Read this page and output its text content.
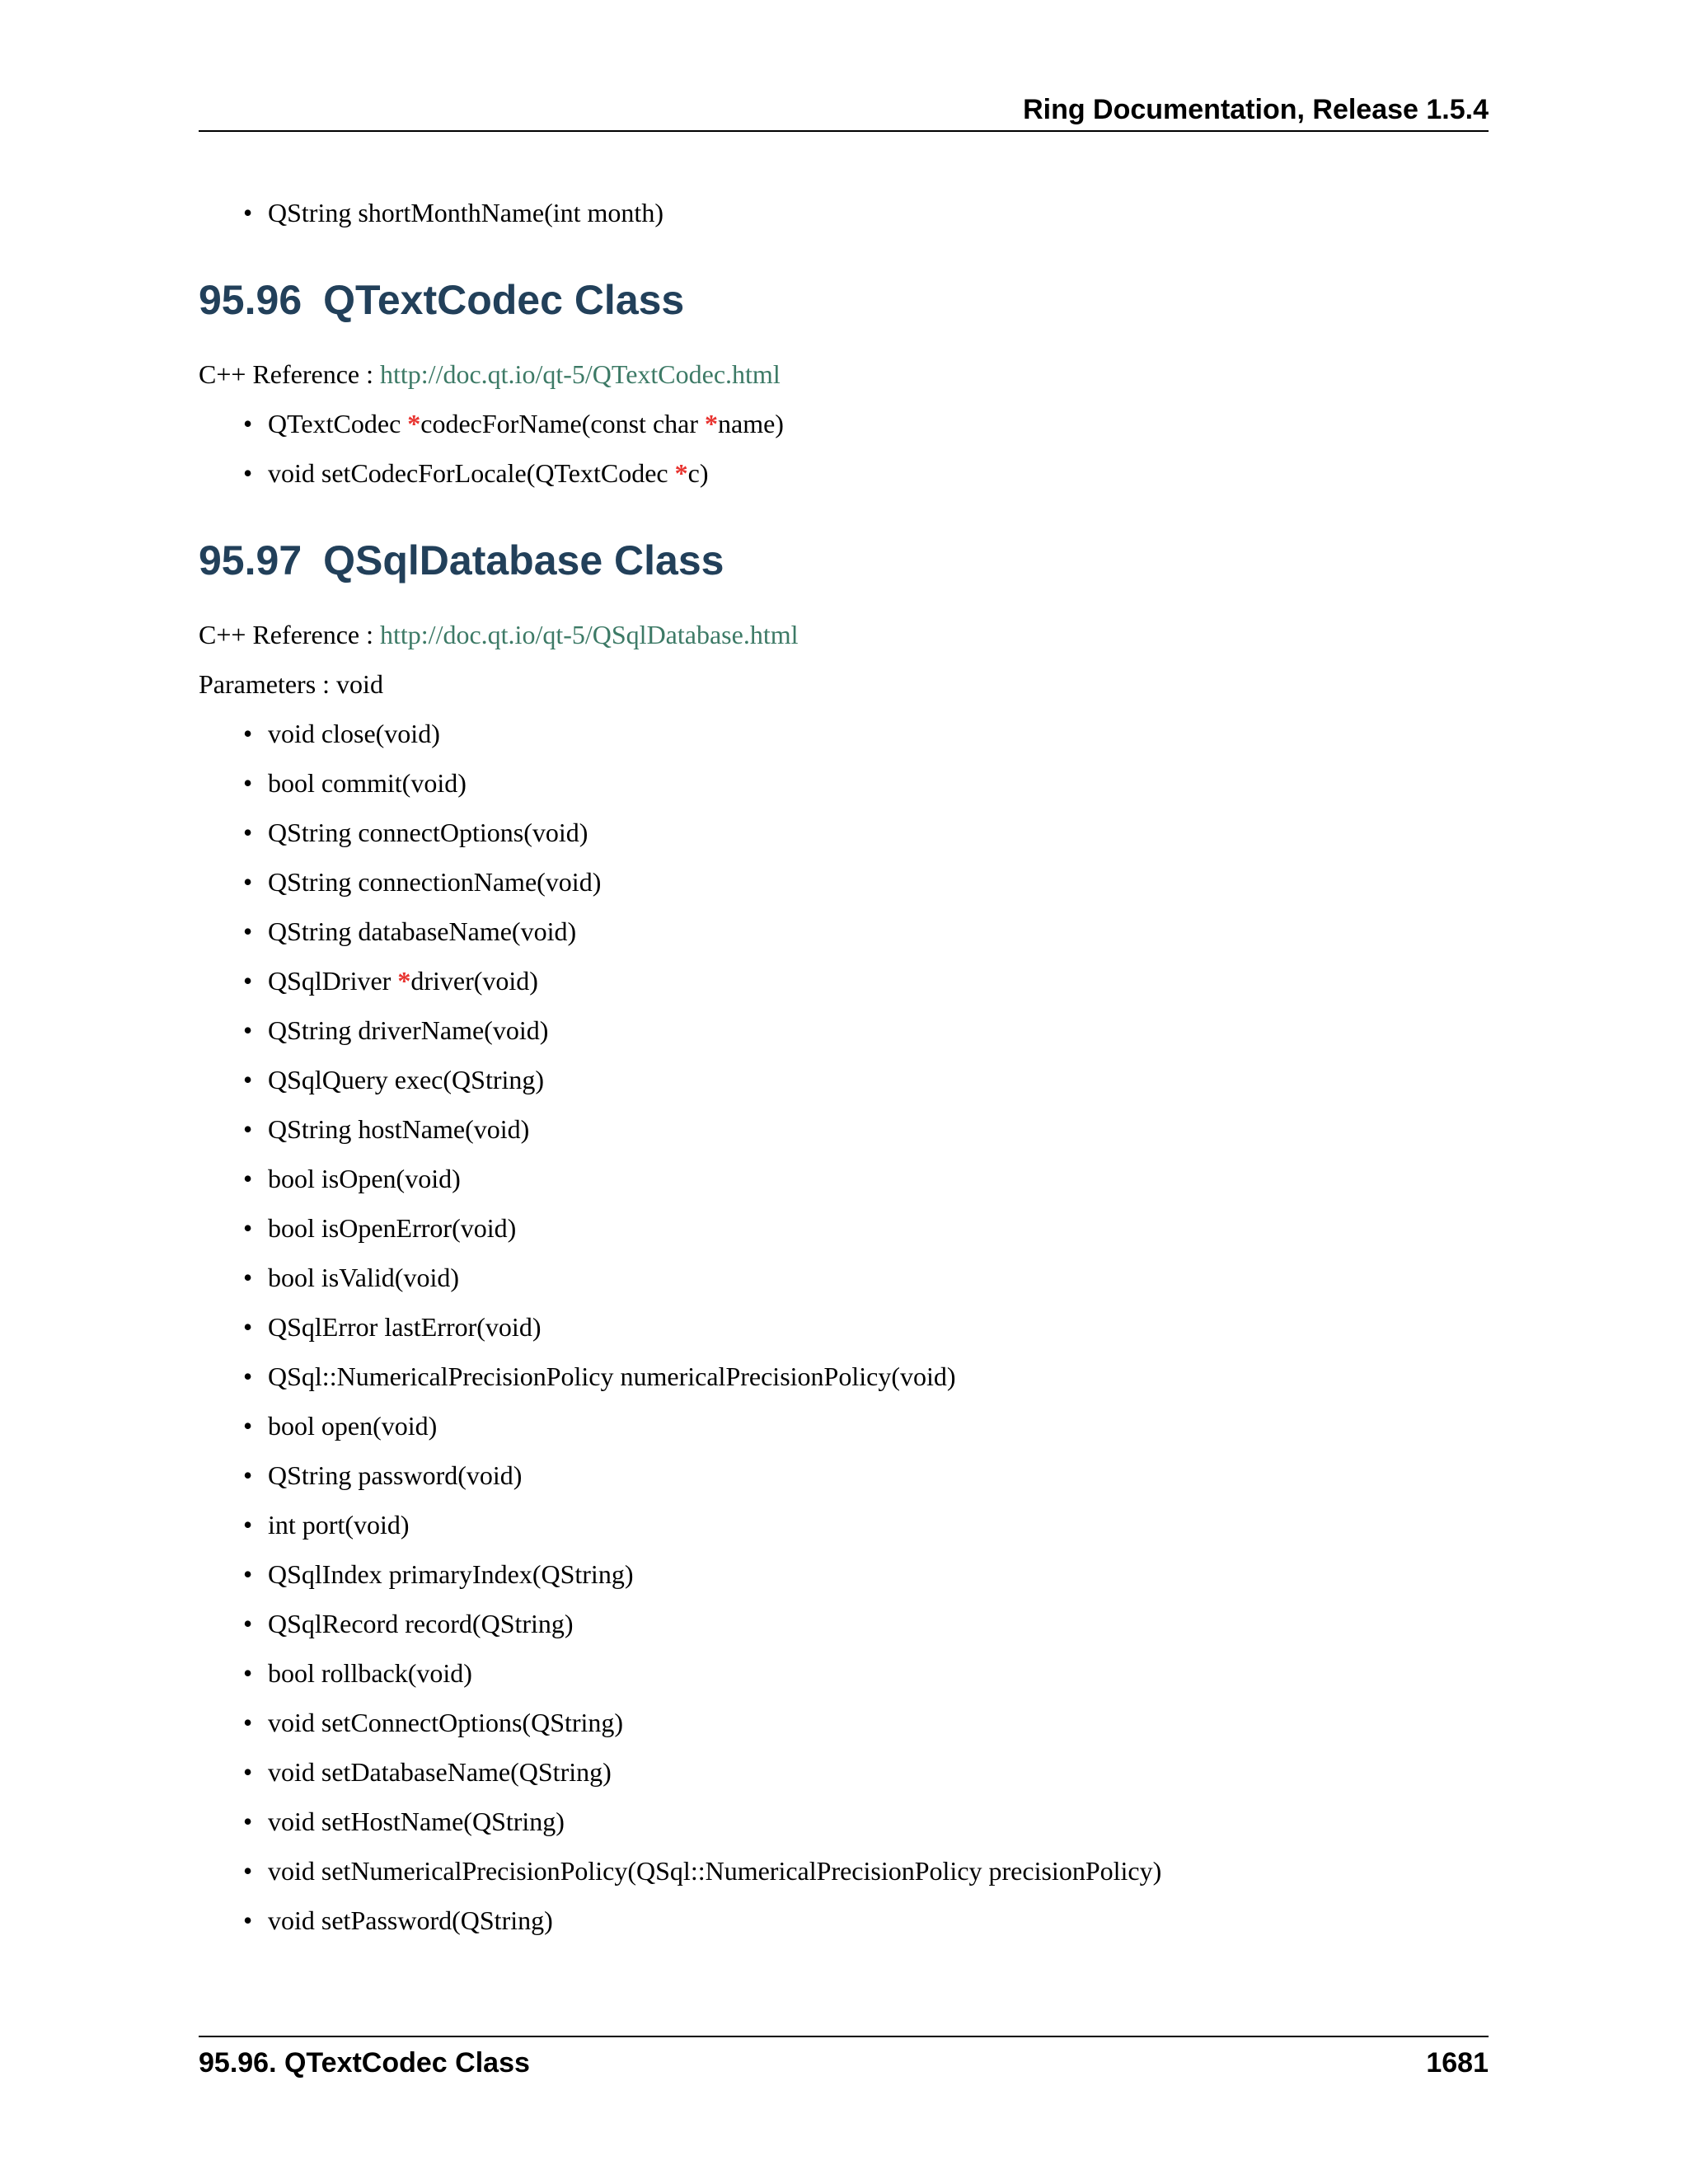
Ring Documentation, Release 1.5.4
• QString shortMonthName(int month)
95.96 QTextCodec Class

C++ Reference : http://doc.qt.io/qt-5/QTextCodec.html

• QTextCodec *codecForName(const char *name)
• void setCodecForLocale(QTextCodec *c)
95.97 QSqlDatabase Class

C++ Reference : http://doc.qt.io/qt-5/QSqlDatabase.html

Parameters : void

• void close(void)
• bool commit(void)
• QString connectOptions(void)
• QString connectionName(void)
• QString databaseName(void)
• QSqlDriver *driver(void)
• QString driverName(void)
• QSqlQuery exec(QString)
• QString hostName(void)
• bool isOpen(void)
• bool isOpenError(void)
• bool isValid(void)
• QSqlError lastError(void)
• QSql::NumericalPrecisionPolicy numericalPrecisionPolicy(void)
• bool open(void)
• QString password(void)
• int port(void)
• QSqlIndex primaryIndex(QString)
• QSqlRecord record(QString)
• bool rollback(void)
• void setConnectOptions(QString)
• void setDatabaseName(QString)
• void setHostName(QString)
• void setNumericalPrecisionPolicy(QSql::NumericalPrecisionPolicy precisionPolicy)
• void setPassword(QString)
95.96. QTextCodec Class	1681
